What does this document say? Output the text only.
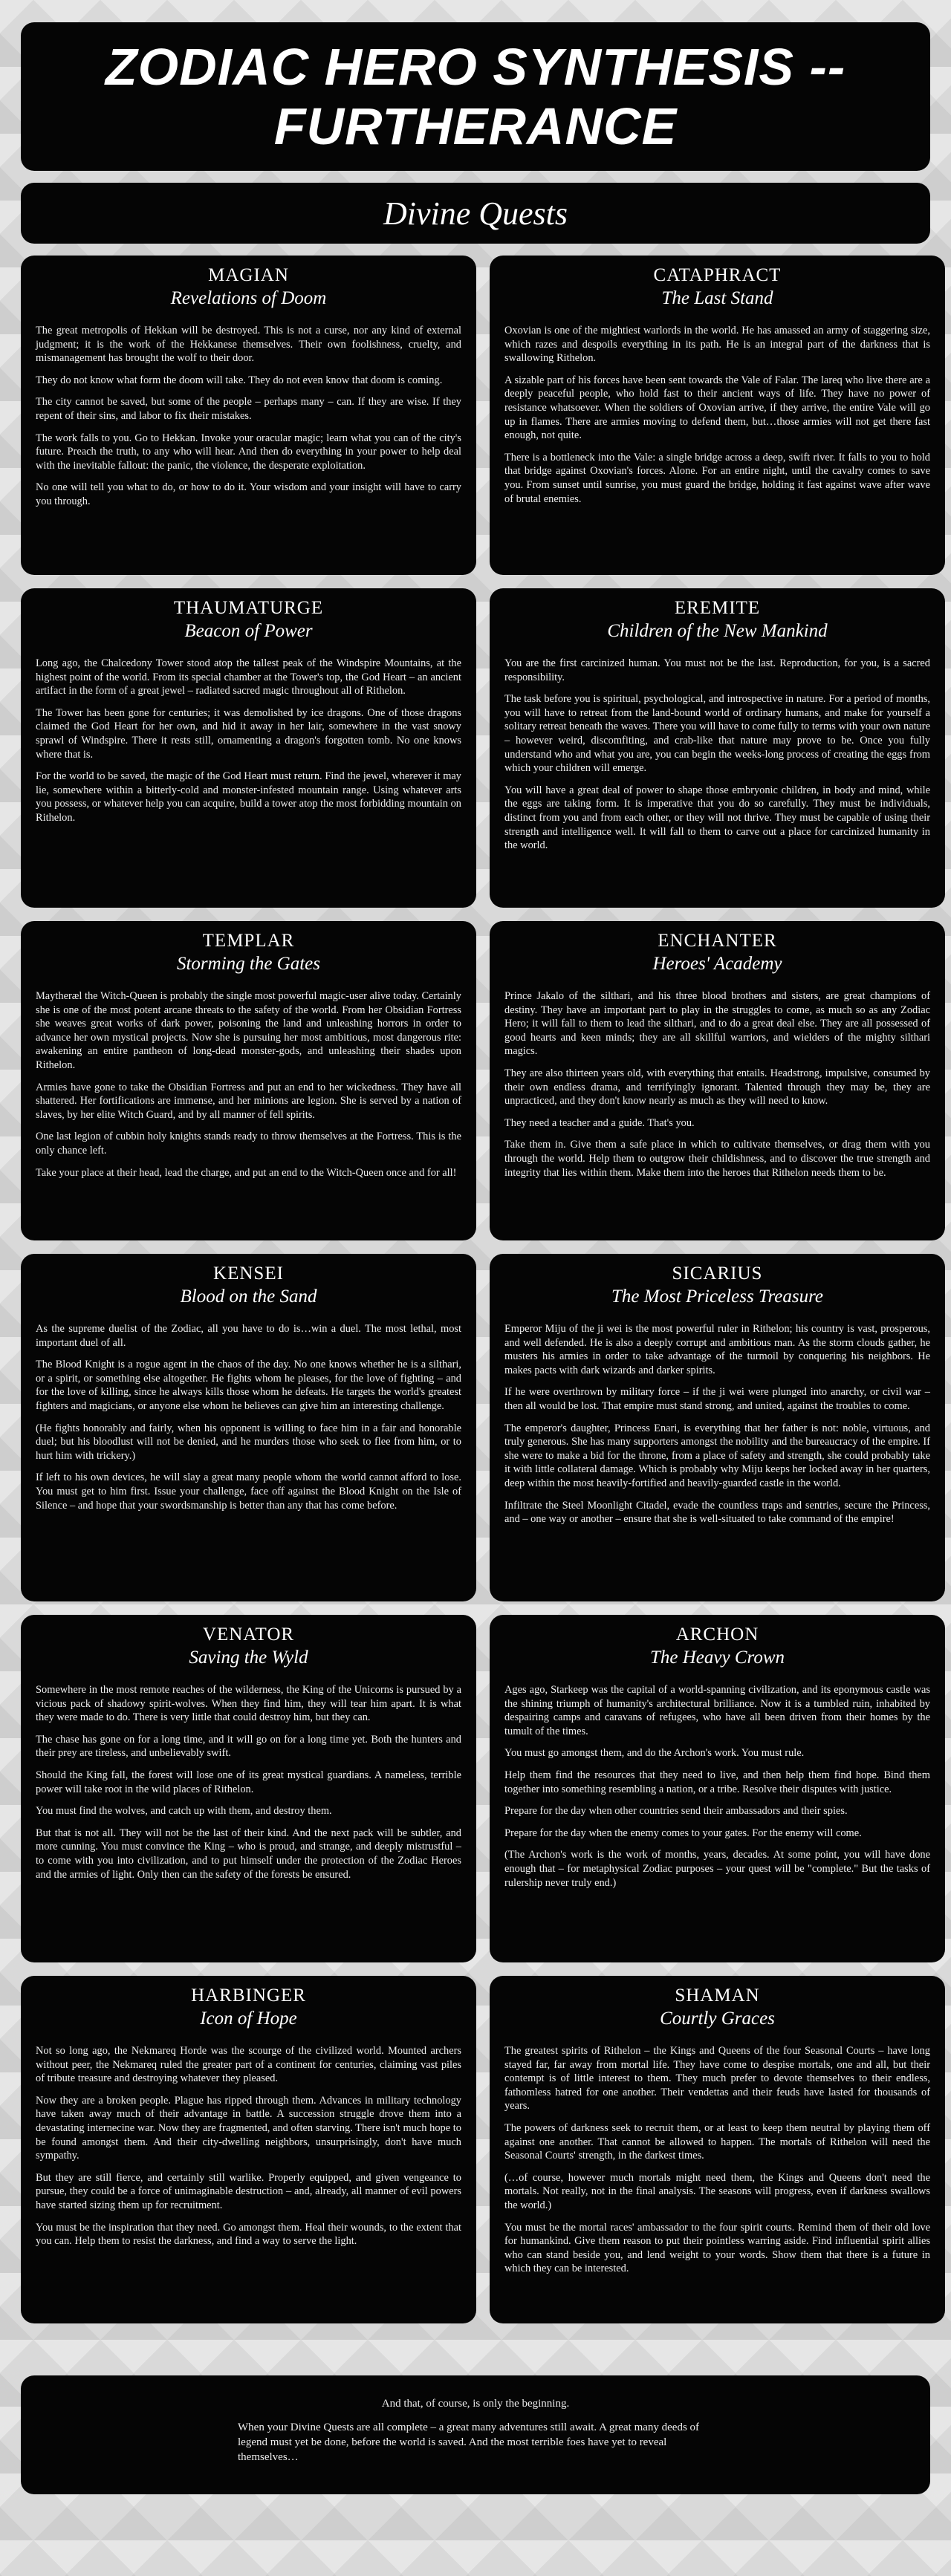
ZODIAC HERO SYNTHESIS -- FURTHERANCE
Divine Quests
MAGIAN
Revelations of Doom

The great metropolis of Hekkan will be destroyed. This is not a curse, nor any kind of external judgment; it is the work of the Hekkanese themselves. Their own foolishness, cruelty, and mismanagement has brought the wolf to their door.

They do not know what form the doom will take. They do not even know that doom is coming.

The city cannot be saved, but some of the people – perhaps many – can. If they are wise. If they repent of their sins, and labor to fix their mistakes.

The work falls to you. Go to Hekkan. Invoke your oracular magic; learn what you can of the city's future. Preach the truth, to any who will hear. And then do everything in your power to help deal with the inevitable fallout: the panic, the violence, the desperate exploitation.

No one will tell you what to do, or how to do it. Your wisdom and your insight will have to carry you through.

CATAPHRACT
The Last Stand

Oxovian is one of the mightiest warlords in the world. He has amassed an army of staggering size, which razes and despoils everything in its path. He is an integral part of the darkness that is swallowing Rithelon.

A sizable part of his forces have been sent towards the Vale of Falar. The lareq who live there are a deeply peaceful people, who hold fast to their ancient ways of life. They have no power of resistance whatsoever. When the soldiers of Oxovian arrive, if they arrive, the entire Vale will go up in flames. There are armies moving to defend them, but…those armies will not get there fast enough, not quite.

There is a bottleneck into the Vale: a single bridge across a deep, swift river. It falls to you to hold that bridge against Oxovian's forces. Alone. For an entire night, until the cavalry comes to save you. From sunset until sunrise, you must guard the bridge, holding it fast against wave after wave of brutal enemies.

THAUMATURGE
Beacon of Power

Long ago, the Chalcedony Tower stood atop the tallest peak of the Windspire Mountains, at the highest point of the world. From its special chamber at the Tower's top, the God Heart – an ancient artifact in the form of a great jewel – radiated sacred magic throughout all of Rithelon.

The Tower has been gone for centuries; it was demolished by ice dragons. One of those dragons claimed the God Heart for her own, and hid it away in her lair, somewhere in the vast snowy sprawl of Windspire. There it rests still, ornamenting a dragon's forgotten tomb. No one knows where that is.

For the world to be saved, the magic of the God Heart must return. Find the jewel, wherever it may lie, somewhere within a bitterly-cold and monster-infested mountain range. Using whatever arts you possess, or whatever help you can acquire, build a tower atop the most forbidding mountain on Rithelon.

EREMITE
Children of the New Mankind

You are the first carcinized human. You must not be the last. Reproduction, for you, is a sacred responsibility.

The task before you is spiritual, psychological, and introspective in nature. For a period of months, you will have to retreat from the land-bound world of ordinary humans, and make for yourself a solitary retreat beneath the waves. There you will have to come fully to terms with your own nature – however weird, discomfiting, and crab-like that nature may prove to be. Once you fully understand who and what you are, you can begin the weeks-long process of creating the eggs from which your children will emerge.

You will have a great deal of power to shape those embryonic children, in body and mind, while the eggs are taking form. It is imperative that you do so carefully. They must be individuals, distinct from you and from each other, or they will not thrive. They must be capable of using their strength and intelligence well. It will fall to them to carve out a place for carcinized humanity in the world.

TEMPLAR
Storming the Gates

Maytheræl the Witch-Queen is probably the single most powerful magic-user alive today. Certainly she is one of the most potent arcane threats to the safety of the world. From her Obsidian Fortress she weaves great works of dark power, poisoning the land and unleashing horrors in order to advance her own mystical projects. Now she is pursuing her most ambitious, most dangerous rite: awakening an entire pantheon of long-dead monster-gods, and unleashing their shades upon Rithelon.

Armies have gone to take the Obsidian Fortress and put an end to her wickedness. They have all shattered. Her fortifications are immense, and her minions are legion. She is served by a nation of slaves, by her elite Witch Guard, and by all manner of fell spirits.

One last legion of cubbin holy knights stands ready to throw themselves at the Fortress. This is the only chance left.

Take your place at their head, lead the charge, and put an end to the Witch-Queen once and for all!

ENCHANTER
Heroes' Academy

Prince Jakalo of the silthari, and his three blood brothers and sisters, are great champions of destiny. They have an important part to play in the struggles to come, as much so as any Zodiac Hero; it will fall to them to lead the silthari, and to do a great deal else. They are all possessed of good hearts and keen minds; they are all skillful warriors, and wielders of the mighty silthari magics.

They are also thirteen years old, with everything that entails. Headstrong, impulsive, consumed by their own endless drama, and terrifyingly ignorant. Talented through they may be, they are unpracticed, and they don't know nearly as much as they will need to know.

They need a teacher and a guide. That's you.

Take them in. Give them a safe place in which to cultivate themselves, or drag them with you through the world. Help them to outgrow their childishness, and to discover the true strength and integrity that lies within them. Make them into the heroes that Rithelon needs them to be.

KENSEI
Blood on the Sand

As the supreme duelist of the Zodiac, all you have to do is…win a duel. The most lethal, most important duel of all.

The Blood Knight is a rogue agent in the chaos of the day. No one knows whether he is a silthari, or a spirit, or something else altogether. He fights whom he pleases, for the love of fighting – and for the love of killing, since he always kills those whom he defeats. He targets the world's greatest fighters and magicians, or anyone else whom he believes can give him an interesting challenge.

(He fights honorably and fairly, when his opponent is willing to face him in a fair and honorable duel; but his bloodlust will not be denied, and he murders those who seek to flee from him, or to hurt him with trickery.)

If left to his own devices, he will slay a great many people whom the world cannot afford to lose. You must get to him first. Issue your challenge, face off against the Blood Knight on the Isle of Silence – and hope that your swordsmanship is better than any that has come before.

SICARIUS
The Most Priceless Treasure

Emperor Miju of the ji wei is the most powerful ruler in Rithelon; his country is vast, prosperous, and well defended. He is also a deeply corrupt and ambitious man. As the storm clouds gather, he musters his armies in order to take advantage of the turmoil by conquering his neighbors. He makes pacts with dark wizards and darker spirits.

If he were overthrown by military force – if the ji wei were plunged into anarchy, or civil war – then all would be lost. That empire must stand strong, and united, against the troubles to come.

The emperor's daughter, Princess Enari, is everything that her father is not: noble, virtuous, and truly generous. She has many supporters amongst the nobility and the bureaucracy of the empire. If she were to make a bid for the throne, from a place of safety and strength, she could probably take it with little collateral damage. Which is probably why Miju keeps her locked away in her quarters, deep within the most heavily-fortified and heavily-guarded castle in the world.

Infiltrate the Steel Moonlight Citadel, evade the countless traps and sentries, secure the Princess, and – one way or another – ensure that she is well-situated to take command of the empire!

VENATOR
Saving the Wyld

Somewhere in the most remote reaches of the wilderness, the King of the Unicorns is pursued by a vicious pack of shadowy spirit-wolves. When they find him, they will tear him apart. It is what they were made to do. There is very little that could destroy him, but they can.

The chase has gone on for a long time, and it will go on for a long time yet. Both the hunters and their prey are tireless, and unbelievably swift.

Should the King fall, the forest will lose one of its great mystical guardians. A nameless, terrible power will take root in the wild places of Rithelon.

You must find the wolves, and catch up with them, and destroy them.

But that is not all. They will not be the last of their kind. And the next pack will be subtler, and more cunning. You must convince the King – who is proud, and strange, and deeply mistrustful – to come with you into civilization, and to put himself under the protection of the Zodiac Heroes and the armies of light. Only then can the safety of the forests be ensured.

ARCHON
The Heavy Crown

Ages ago, Starkeep was the capital of a world-spanning civilization, and its eponymous castle was the shining triumph of humanity's architectural brilliance. Now it is a tumbled ruin, inhabited by despairing camps and caravans of refugees, who have all been driven from their homes by the tumult of the times.

You must go amongst them, and do the Archon's work. You must rule.

Help them find the resources that they need to live, and then help them find hope. Bind them together into something resembling a nation, or a tribe. Resolve their disputes with justice.

Prepare for the day when other countries send their ambassadors and their spies.

Prepare for the day when the enemy comes to your gates. For the enemy will come.

(The Archon's work is the work of months, years, decades. At some point, you will have done enough that – for metaphysical Zodiac purposes – your quest will be "complete." But the tasks of rulership never truly end.)

HARBINGER
Icon of Hope

Not so long ago, the Nekmareq Horde was the scourge of the civilized world. Mounted archers without peer, the Nekmareq ruled the greater part of a continent for centuries, claiming vast piles of tribute treasure and destroying whatever they pleased.

Now they are a broken people. Plague has ripped through them. Advances in military technology have taken away much of their advantage in battle. A succession struggle drove them into a devastating internecine war. Now they are fragmented, and often starving. There isn't much hope to be found amongst them. And their city-dwelling neighbors, unsurprisingly, don't have much sympathy.

But they are still fierce, and certainly still warlike. Properly equipped, and given vengeance to pursue, they could be a force of unimaginable destruction – and, already, all manner of evil powers have started sizing them up for recruitment.

You must be the inspiration that they need. Go amongst them. Heal their wounds, to the extent that you can. Help them to resist the darkness, and find a way to serve the light.

SHAMAN
Courtly Graces

The greatest spirits of Rithelon – the Kings and Queens of the four Seasonal Courts – have long stayed far, far away from mortal life. They have come to despise mortals, one and all, but their contempt is of little interest to them. They much prefer to devote themselves to their endless, fathomless hatred for one another. Their vendettas and their feuds have lasted for thousands of years.

The powers of darkness seek to recruit them, or at least to keep them neutral by playing them off against one another. That cannot be allowed to happen. The mortals of Rithelon will need the Seasonal Courts' strength, in the darkest times.

(…of course, however much mortals might need them, the Kings and Queens don't need the mortals. Not really, not in the final analysis. The seasons will progress, even if darkness swallows the world.)

You must be the mortal races' ambassador to the four spirit courts. Remind them of their old love for humankind. Give them reason to put their pointless warring aside. Find influential spirit allies who can stand beside you, and lend weight to your words. Show them that there is a future in which they can be interested.

And that, of course, is only the beginning.

When your Divine Quests are all complete – a great many adventures still await. A great many deeds of legend must yet be done, before the world is saved. And the most terrible foes have yet to reveal themselves…
